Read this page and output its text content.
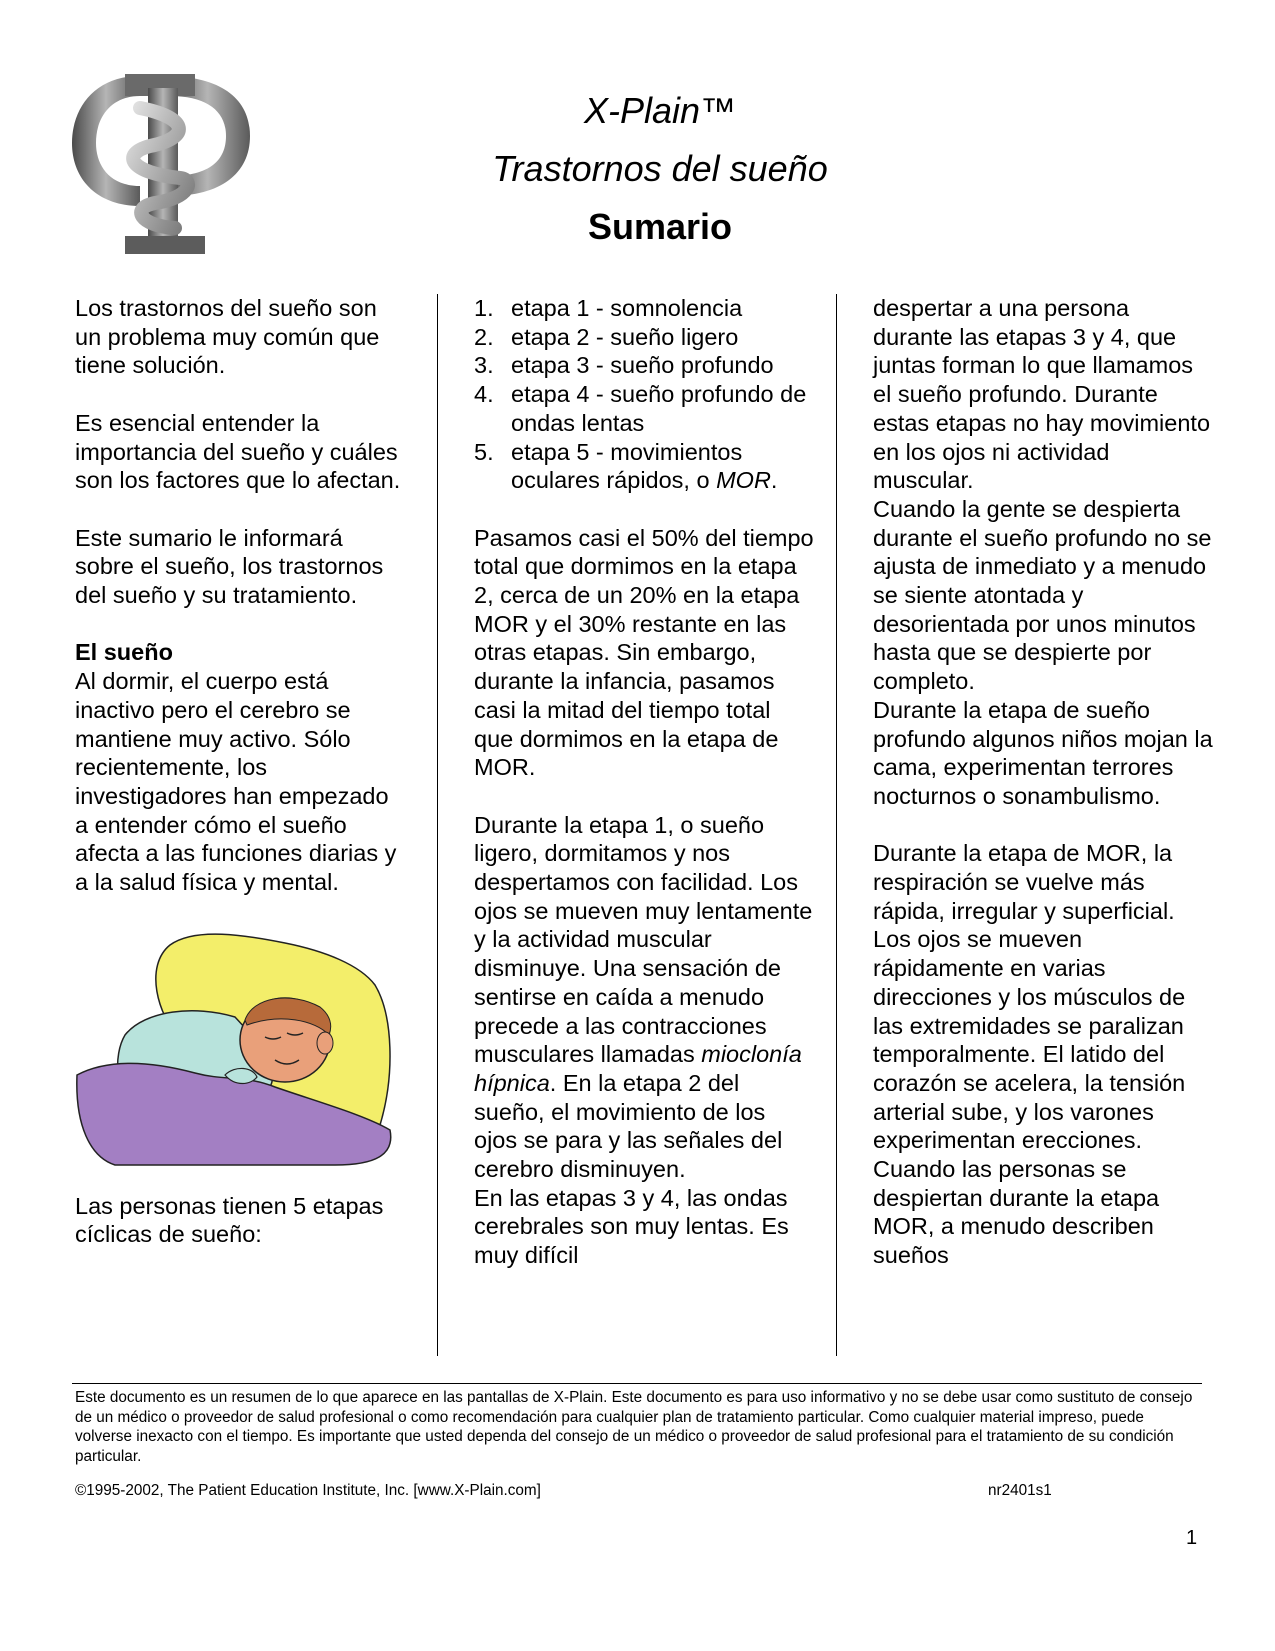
X-Plain™
Trastornos del sueño
Sumario

Los trastornos del sueño son un problema muy común que tiene solución.

Es esencial entender la importancia del sueño y cuáles son los factores que lo afectan.

Este sumario le informará sobre el sueño, los trastornos del sueño y su tratamiento.

El sueño

Al dormir, el cuerpo está inactivo pero el cerebro se mantiene muy activo. Sólo recientemente, los investigadores han empezado a entender cómo el sueño afecta a las funciones diarias y a la salud física y mental.

Las personas tienen 5 etapas cíclicas de sueño:

1. etapa 1 - somnolencia
2. etapa 2 - sueño ligero
3. etapa 3 - sueño profundo
4. etapa 4 - sueño profundo de ondas lentas
5. etapa 5 - movimientos oculares rápidos, o MOR.

Pasamos casi el 50% del tiempo total que dormimos en la etapa 2, cerca de un 20% en la etapa MOR y el 30% restante en las otras etapas. Sin embargo, durante la infancia, pasamos casi la mitad del tiempo total que dormimos en la etapa de MOR.

Durante la etapa 1, o sueño ligero, dormitamos y nos despertamos con facilidad. Los ojos se mueven muy lentamente y la actividad muscular disminuye. Una sensación de sentirse en caída a menudo precede a las contracciones musculares llamadas mioclonía hípnica. En la etapa 2 del sueño, el movimiento de los ojos se para y las señales del cerebro disminuyen.

En las etapas 3 y 4, las ondas cerebrales son muy lentas. Es muy difícil

despertar a una persona durante las etapas 3 y 4, que juntas forman lo que llamamos el sueño profundo. Durante estas etapas no hay movimiento en los ojos ni actividad muscular.

Cuando la gente se despierta durante el sueño profundo no se ajusta de inmediato y a menudo se siente atontada y desorientada por unos minutos hasta que se despierte por completo.

Durante la etapa de sueño profundo algunos niños mojan la cama, experimentan terrores nocturnos o sonambulismo.

Durante la etapa de MOR, la respiración se vuelve más rápida, irregular y superficial. Los ojos se mueven rápidamente en varias direcciones y los músculos de las extremidades se paralizan temporalmente. El latido del corazón se acelera, la tensión arterial sube, y los varones experimentan erecciones. Cuando las personas se despiertan durante la etapa MOR, a menudo describen sueños

Este documento es un resumen de lo que aparece en las pantallas de X-Plain. Este documento es para uso informativo y no se debe usar como sustituto de consejo de un médico o proveedor de salud profesional o como recomendación para cualquier plan de tratamiento particular. Como cualquier material impreso, puede volverse inexacto con el tiempo. Es importante que usted dependa del consejo de un médico o proveedor de salud profesional para el tratamiento de su condición particular.
©1995-2002, The Patient Education Institute, Inc. [www.X-Plain.com]	nr2401s1
1
